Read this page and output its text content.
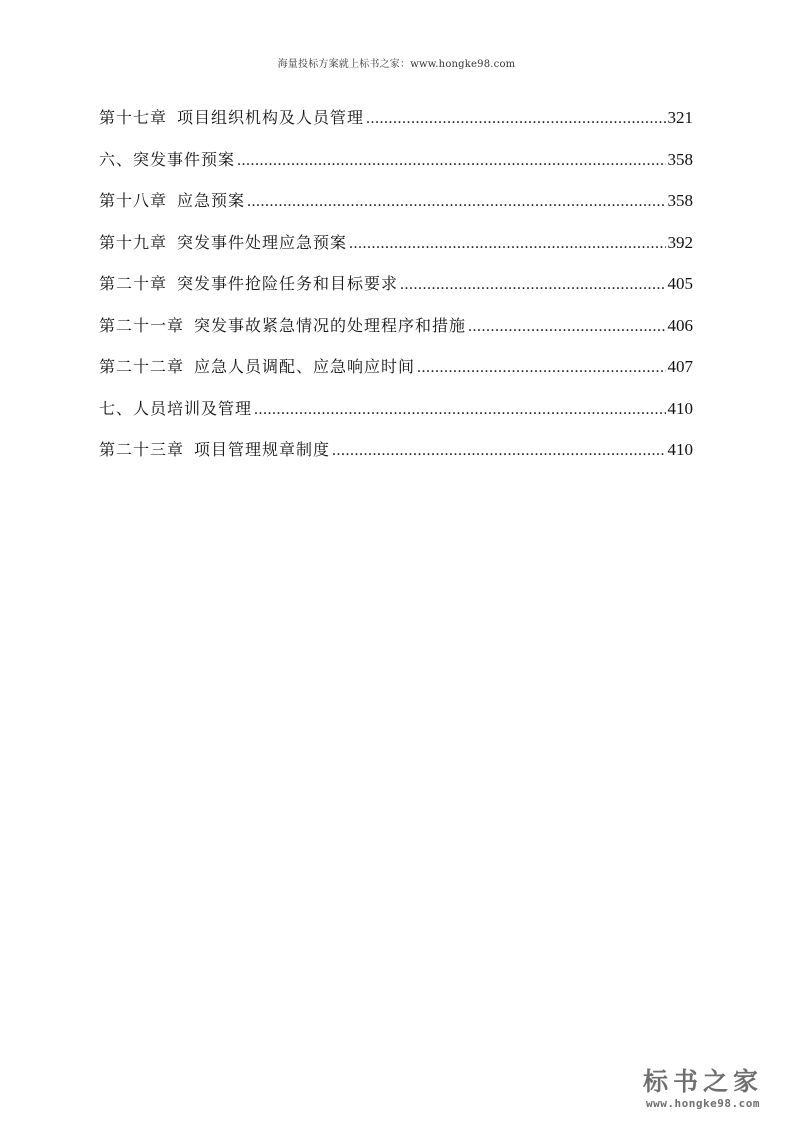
海量投标方案就上标书之家：www.hongke98.com
第十七章 项目组织机构及人员管理 .....	321
六、突发事件预案 .....	358
第十八章 应急预案 .....	358
第十九章 突发事件处理应急预案 .....	392
第二十章 突发事件抢险任务和目标要求 .....	405
第二十一章 突发事故紧急情况的处理程序和措施 .....	406
第二十二章 应急人员调配、应急响应时间 .....	407
七、人员培训及管理 .....	410
第二十三章 项目管理规章制度 .....	410
标书之家
www.hongke98.com
